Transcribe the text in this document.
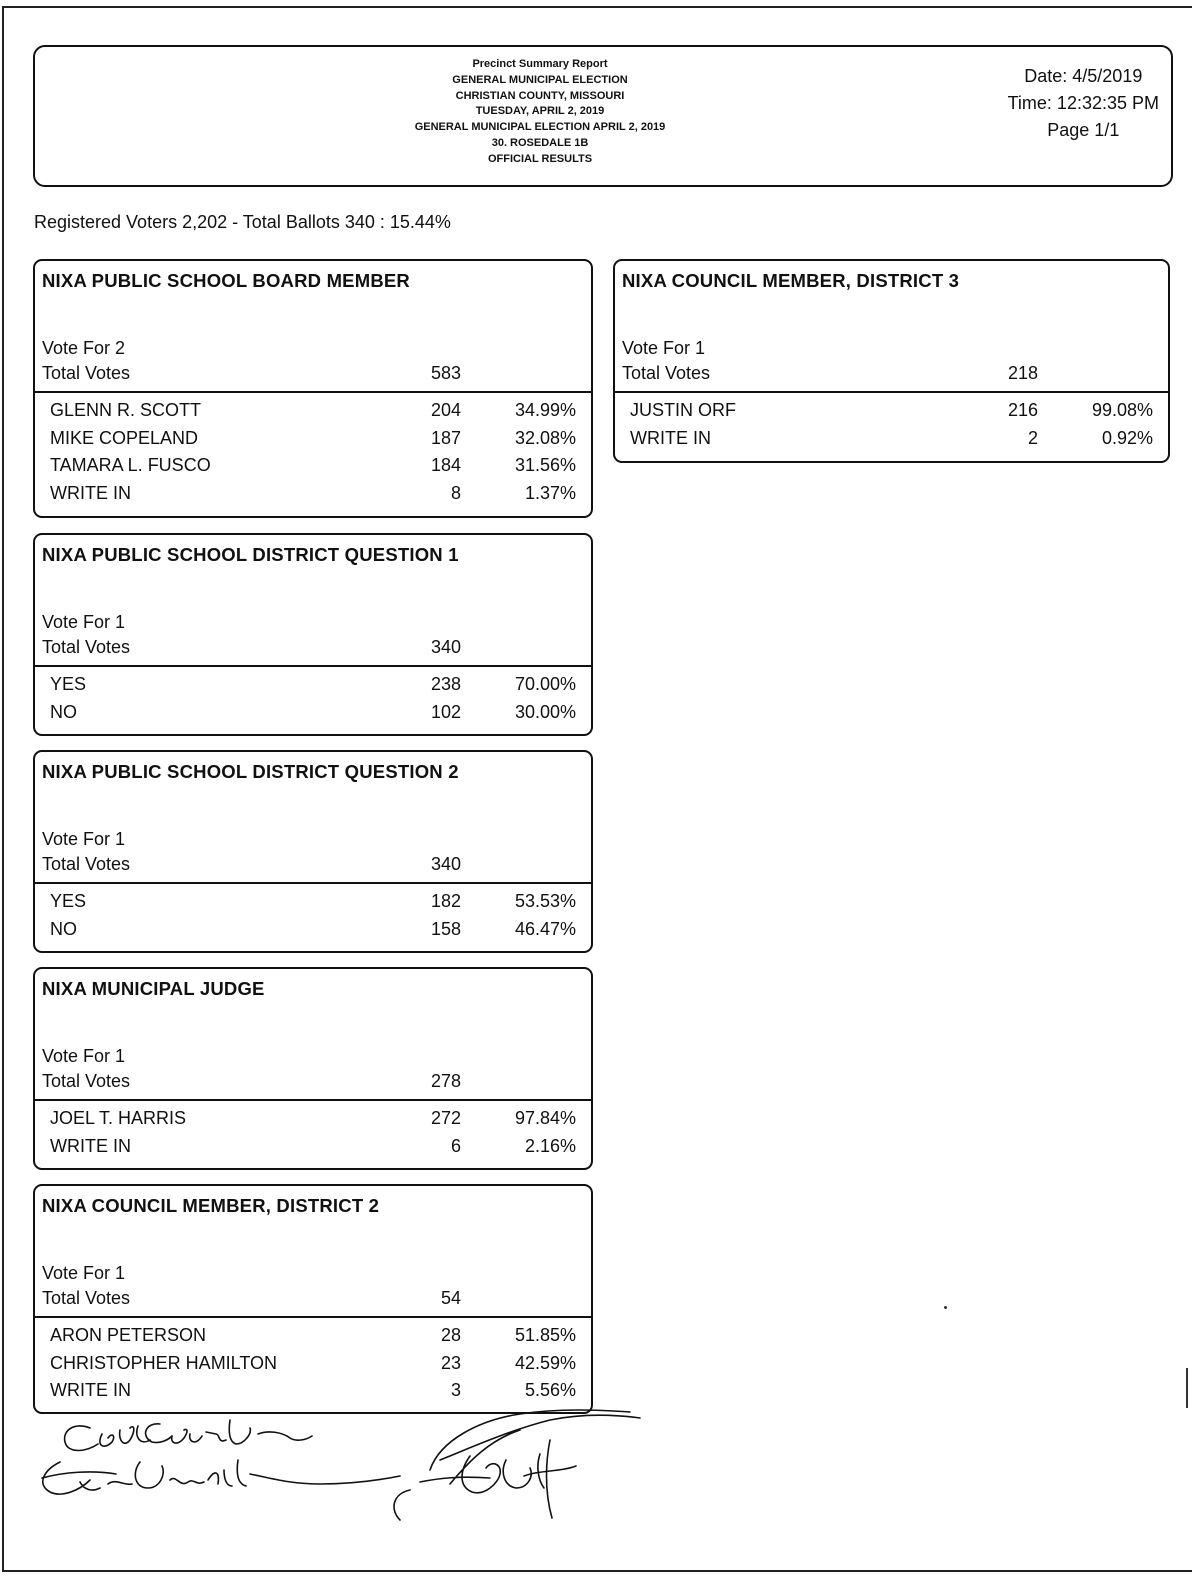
Precinct Summary Report
GENERAL MUNICIPAL ELECTION
CHRISTIAN COUNTY, MISSOURI
TUESDAY, APRIL 2, 2019
GENERAL MUNICIPAL ELECTION APRIL 2, 2019
30. ROSEDALE 1B
OFFICIAL RESULTS
Date: 4/5/2019
Time: 12:32:35 PM
Page 1/1
Registered Voters 2,202 - Total Ballots 340 : 15.44%
NIXA PUBLIC SCHOOL BOARD MEMBER
Vote For 2
Total Votes	583
GLENN R. SCOTT	204	34.99%
MIKE COPELAND	187	32.08%
TAMARA L. FUSCO	184	31.56%
WRITE IN	8	1.37%
NIXA PUBLIC SCHOOL DISTRICT QUESTION 1
Vote For 1
Total Votes	340
YES	238	70.00%
NO	102	30.00%
NIXA PUBLIC SCHOOL DISTRICT QUESTION 2
Vote For 1
Total Votes	340
YES	182	53.53%
NO	158	46.47%
NIXA MUNICIPAL JUDGE
Vote For 1
Total Votes	278
JOEL T. HARRIS	272	97.84%
WRITE IN	6	2.16%
NIXA COUNCIL MEMBER, DISTRICT 2
Vote For 1
Total Votes	54
ARON PETERSON	28	51.85%
CHRISTOPHER HAMILTON	23	42.59%
WRITE IN	3	5.56%
NIXA COUNCIL MEMBER, DISTRICT 3
Vote For 1
Total Votes	218
JUSTIN ORF	216	99.08%
WRITE IN	2	0.92%
